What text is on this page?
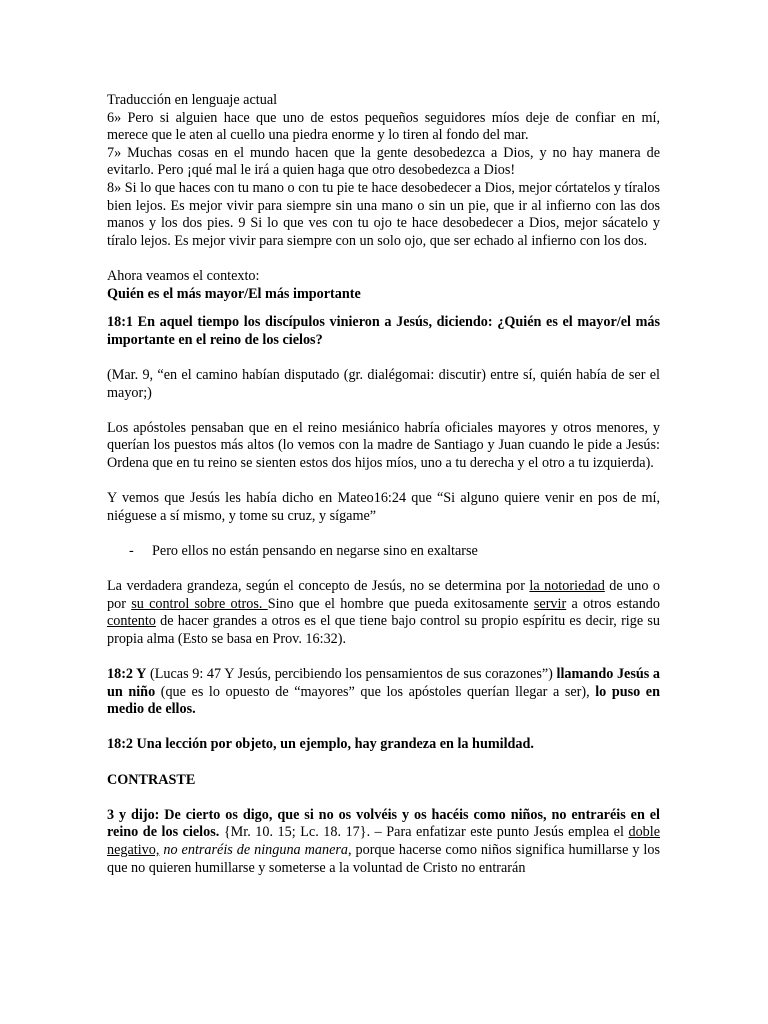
Traducción en lenguaje actual

6» Pero si alguien hace que uno de estos pequeños seguidores míos deje de confiar en mí, merece que le aten al cuello una piedra enorme y lo tiren al fondo del mar.

7» Muchas cosas en el mundo hacen que la gente desobedezca a Dios, y no hay manera de evitarlo. Pero ¡qué mal le irá a quien haga que otro desobedezca a Dios!

8» Si lo que haces con tu mano o con tu pie te hace desobedecer a Dios, mejor córtatelos y tíralos bien lejos. Es mejor vivir para siempre sin una mano o sin un pie, que ir al infierno con las dos manos y los dos pies. 9 Si lo que ves con tu ojo te hace desobedecer a Dios, mejor sácatelo y tíralo lejos. Es mejor vivir para siempre con un solo ojo, que ser echado al infierno con los dos.

Ahora veamos el contexto:

Quién es el más mayor/El más importante

18:1 En aquel tiempo los discípulos vinieron a Jesús, diciendo: ¿Quién es el mayor/el más importante en el reino de los cielos?

(Mar. 9, “en el camino habían disputado (gr. dialégomai: discutir) entre sí, quién había de ser el mayor;)

Los apóstoles pensaban que en el reino mesiánico habría oficiales mayores y otros menores, y querían los puestos más altos (lo vemos con la madre de Santiago y Juan cuando le pide a Jesús: Ordena que en tu reino se sienten estos dos hijos míos, uno a tu derecha y el otro a tu izquierda).

Y vemos que Jesús les había dicho en Mateo16:24 que “Si alguno quiere venir en pos de mí, niéguese a sí mismo, y tome su cruz, y sígame”

-	Pero ellos no están pensando en negarse sino en exaltarse

La verdadera grandeza, según el concepto de Jesús, no se determina por la notoriedad de uno o por su control sobre otros. Sino que el hombre que pueda exitosamente servir a otros estando contento de hacer grandes a otros es el que tiene bajo control su propio espíritu es decir, rige su propia alma (Esto se basa en Prov. 16:32).

18:2 Y (Lucas 9: 47 Y Jesús, percibiendo los pensamientos de sus corazones”) llamando Jesús a un niño (que es lo opuesto de “mayores” que los apóstoles querían llegar a ser), lo puso en medio de ellos.

18:2 Una lección por objeto, un ejemplo, hay grandeza en la humildad.

CONTRASTE

3 y dijo: De cierto os digo, que si no os volvéis y os hacéis como niños, no entraréis en el reino de los cielos. {Mr. 10. 15; Lc. 18. 17}. – Para enfatizar este punto Jesús emplea el doble negativo, no entraréis de ninguna manera, porque hacerse como niños significa humillarse y los que no quieren humillarse y someterse a la voluntad de Cristo no entrarán
